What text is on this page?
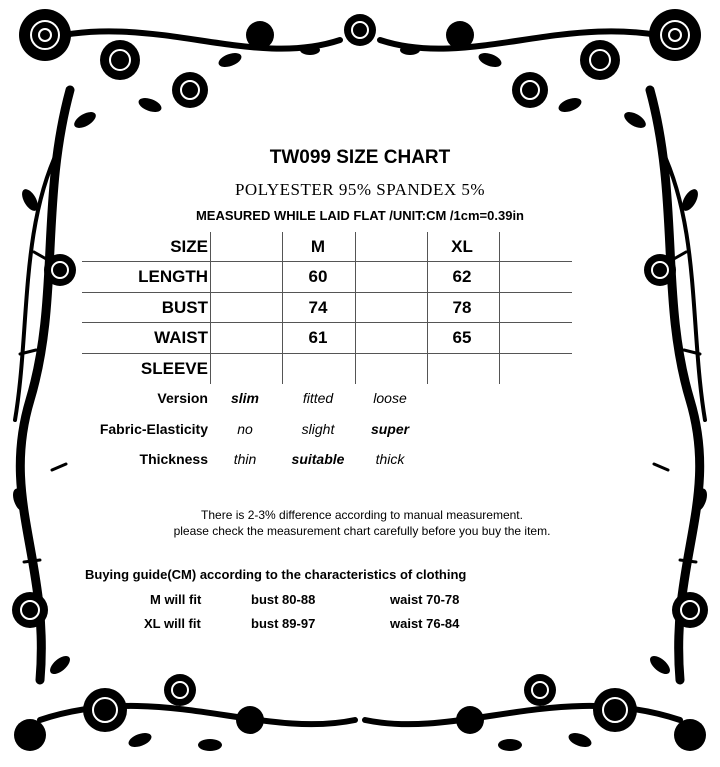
TW099 SIZE CHART
POLYESTER 95% SPANDEX 5%
MEASURED WHILE LAID FLAT /UNIT:CM /1cm=0.39in
SIZE	M	XL
LENGTH	60	62
BUST	74	78
WAIST	61	65
SLEEVE
Version	slim	fitted	loose
Fabric-Elasticity	no	slight	super
Thickness	thin	suitable	thick
There is 2-3% difference according to manual measurement.
please check the measurement chart carefully before you buy the item.
Buying guide(CM) according to the characteristics of clothing
M will fit	bust 80-88	waist 70-78
XL will fit	bust 89-97	waist 76-84
